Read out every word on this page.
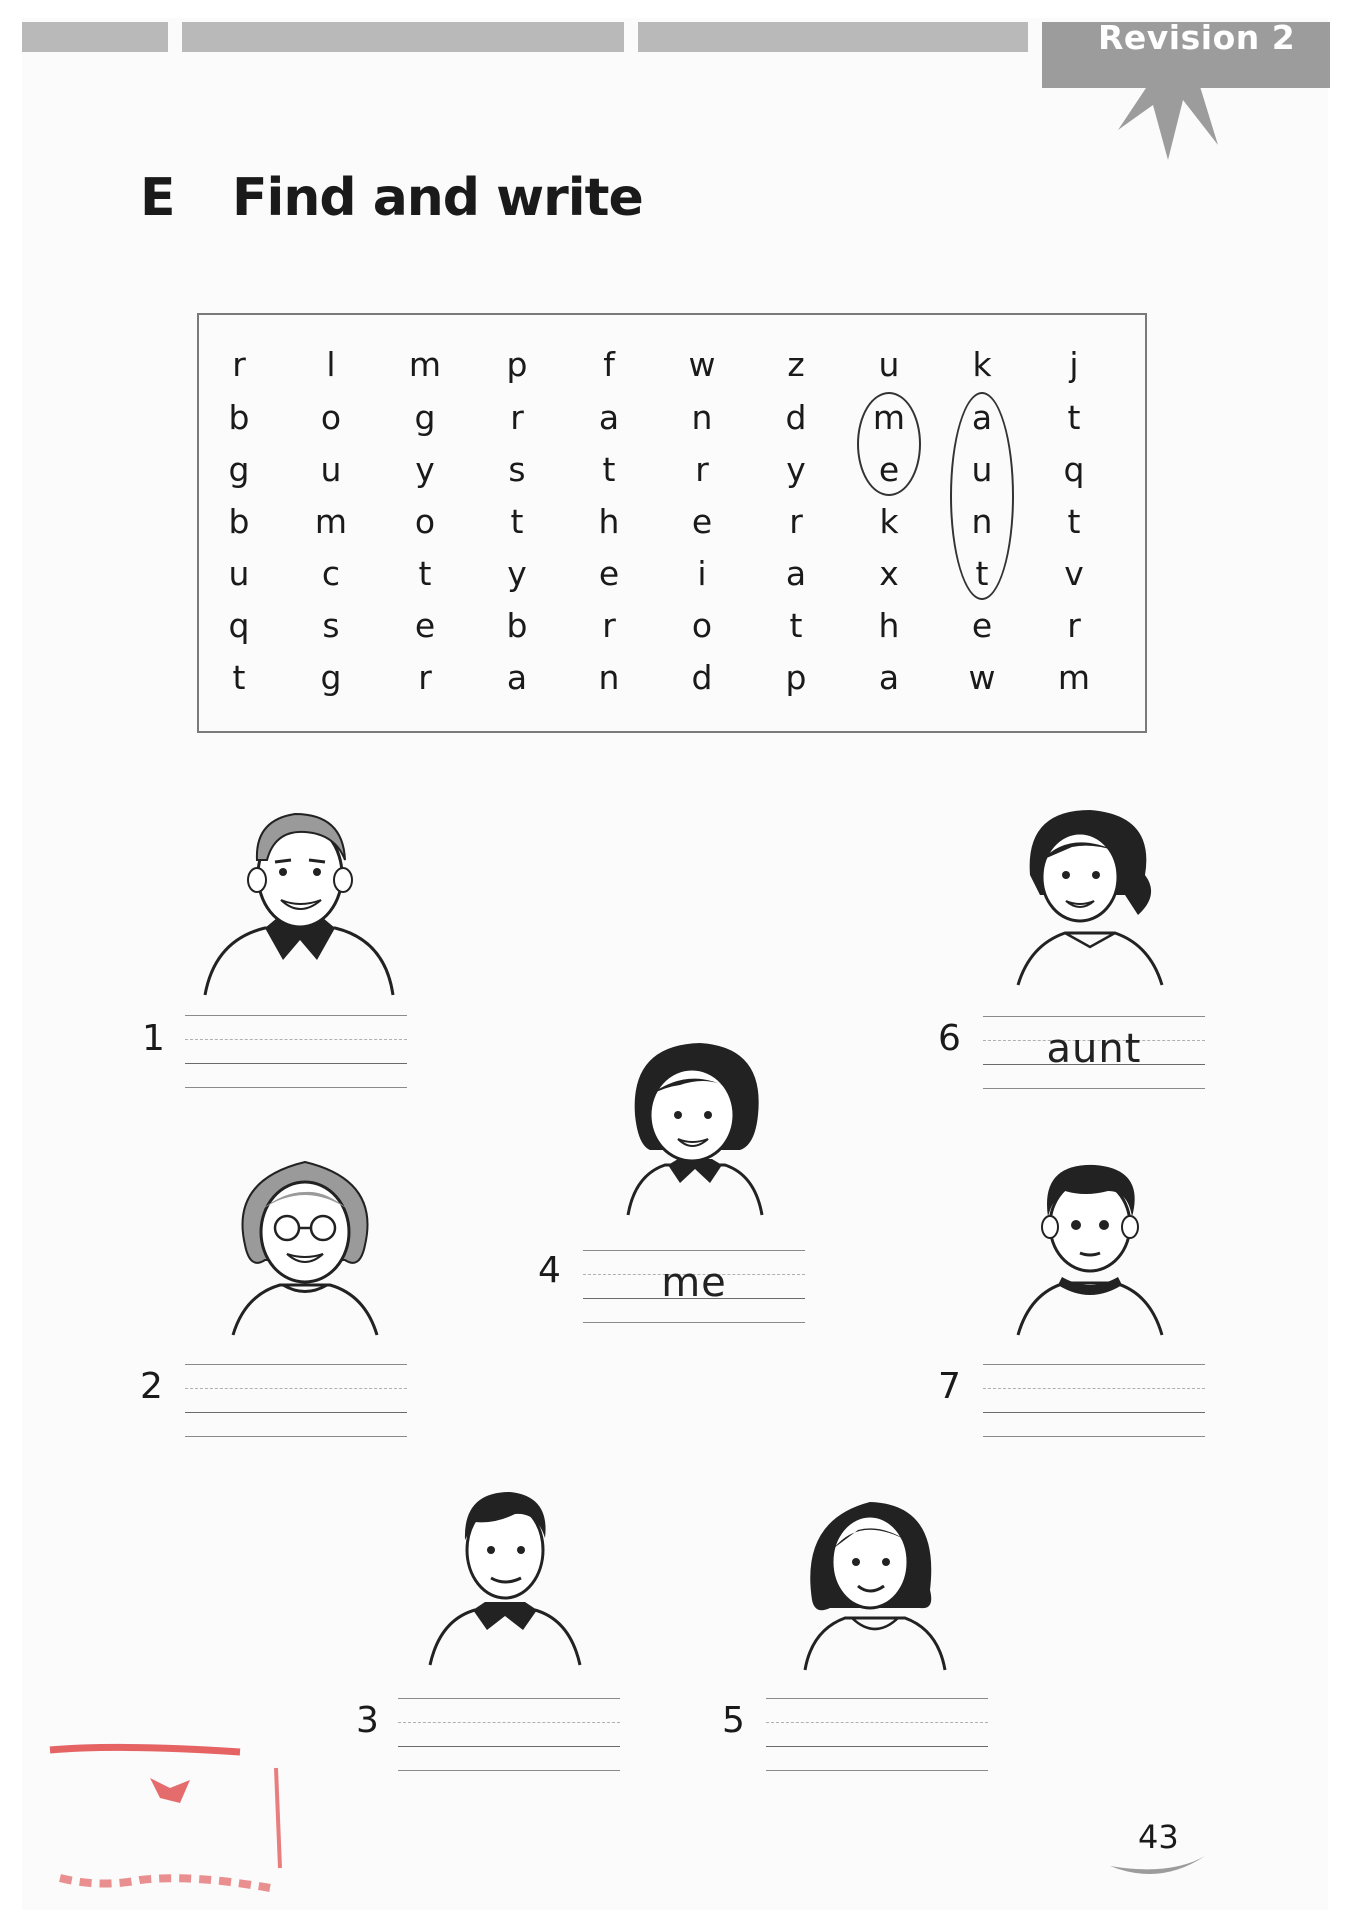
Revision 2
E Find and write
r	l	m	p	f	w	z	u	k	j
b	o	g	r	a	n	d	m	a	t
g	u	y	s	t	r	y	e	u	q
b	m	o	t	h	e	r	k	n	t
u	c	t	y	e	i	a	x	t	v
q	s	e	b	r	o	t	h	e	r
t	g	r	a	n	d	p	a	w	m
1
2
3
4	me
5
6	aunt
7
43
